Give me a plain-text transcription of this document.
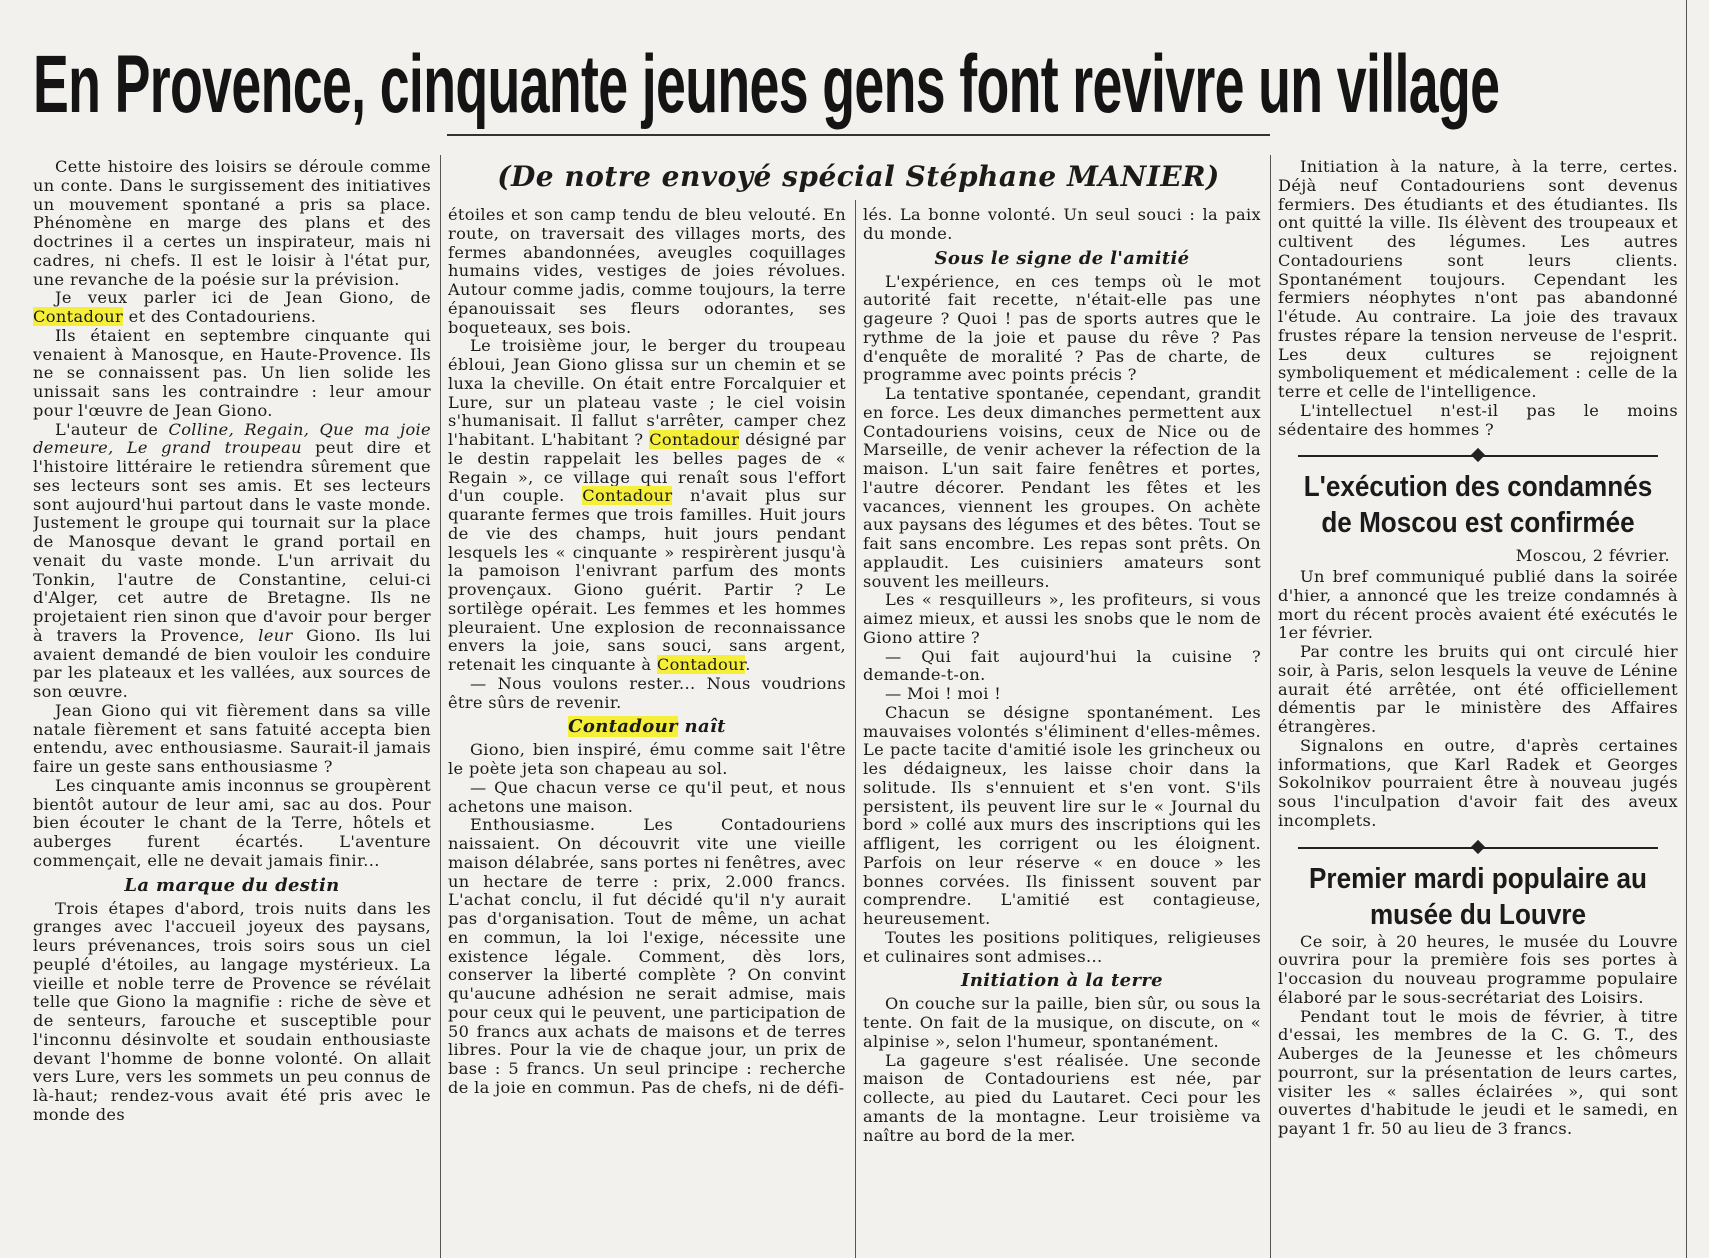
En Provence, cinquante jeunes gens font revivre un village
(De notre envoyé spécial Stéphane MANIER)

Cette histoire des loisirs se déroule comme un conte. Dans le surgissement des initiatives un mouvement spontané a pris sa place. Phénomène en marge des plans et des doctrines il a certes un inspirateur, mais ni cadres, ni chefs. Il est le loisir à l'état pur, une revanche de la poésie sur la prévision.

Je veux parler ici de Jean Giono, de Contadour et des Contadouriens.

Ils étaient en septembre cinquante qui venaient à Manosque, en Haute-Provence. Ils ne se connaissent pas. Un lien solide les unissait sans les contraindre : leur amour pour l'œuvre de Jean Giono.

L'auteur de Colline, Regain, Que ma joie demeure, Le grand troupeau peut dire et l'histoire littéraire le retiendra sûrement que ses lecteurs sont ses amis. Et ses lecteurs sont aujourd'hui partout dans le vaste monde. Justement le groupe qui tournait sur la place de Manosque devant le grand portail en venait du vaste monde. L'un arrivait du Tonkin, l'autre de Constantine, celui-ci d'Alger, cet autre de Bretagne. Ils ne projetaient rien sinon que d'avoir pour berger à travers la Provence, leur Giono. Ils lui avaient demandé de bien vouloir les conduire par les plateaux et les vallées, aux sources de son œuvre.

Jean Giono qui vit fièrement dans sa ville natale fièrement et sans fatuité accepta bien entendu, avec enthousiasme. Saurait-il jamais faire un geste sans enthousiasme ?

Les cinquante amis inconnus se groupèrent bientôt autour de leur ami, sac au dos. Pour bien écouter le chant de la Terre, hôtels et auberges furent écartés. L'aventure commençait, elle ne devait jamais finir...

La marque du destin

Trois étapes d'abord, trois nuits dans les granges avec l'accueil joyeux des paysans, leurs prévenances, trois soirs sous un ciel peuplé d'étoiles, au langage mystérieux. La vieille et noble terre de Provence se révélait telle que Giono la magnifie : riche de sève et de senteurs, farouche et susceptible pour l'inconnu désinvolte et soudain enthousiaste devant l'homme de bonne volonté. On allait vers Lure, vers les sommets un peu connus de là-haut; rendez-vous avait été pris avec le monde des

étoiles et son camp tendu de bleu velouté. En route, on traversait des villages morts, des fermes abandonnées, aveugles coquillages humains vides, vestiges de joies révolues. Autour comme jadis, comme toujours, la terre épanouissait ses fleurs odorantes, ses boqueteaux, ses bois.

Le troisième jour, le berger du troupeau ébloui, Jean Giono glissa sur un chemin et se luxa la cheville. On était entre Forcalquier et Lure, sur un plateau vaste ; le ciel voisin s'humanisait. Il fallut s'arrêter, camper chez l'habitant. L'habitant ? Contadour désigné par le destin rappelait les belles pages de « Regain », ce village qui renaît sous l'effort d'un couple. Contadour n'avait plus sur quarante fermes que trois familles. Huit jours de vie des champs, huit jours pendant lesquels les « cinquante » respirèrent jusqu'à la pamoison l'enivrant parfum des monts provençaux. Giono guérit. Partir ? Le sortilège opérait. Les femmes et les hommes pleuraient. Une explosion de reconnaissance envers la joie, sans souci, sans argent, retenait les cinquante à Contadour.

— Nous voulons rester... Nous voudrions être sûrs de revenir.

Contadour naît

Giono, bien inspiré, ému comme sait l'être le poète jeta son chapeau au sol.

— Que chacun verse ce qu'il peut, et nous achetons une maison.

Enthousiasme. Les Contadouriens naissaient. On découvrit vite une vieille maison délabrée, sans portes ni fenêtres, avec un hectare de terre : prix, 2.000 francs. L'achat conclu, il fut décidé qu'il n'y aurait pas d'organisation. Tout de même, un achat en commun, la loi l'exige, nécessite une existence légale. Comment, dès lors, conserver la liberté complète ? On convint qu'aucune adhésion ne serait admise, mais pour ceux qui le peuvent, une participation de 50 francs aux achats de maisons et de terres libres. Pour la vie de chaque jour, un prix de base : 5 francs. Un seul principe : recherche de la joie en commun. Pas de chefs, ni de défi-

lés. La bonne volonté. Un seul souci : la paix du monde.

Sous le signe de l'amitié

L'expérience, en ces temps où le mot autorité fait recette, n'était-elle pas une gageure ? Quoi ! pas de sports autres que le rythme de la joie et pause du rêve ? Pas d'enquête de moralité ? Pas de charte, de programme avec points précis ?

La tentative spontanée, cependant, grandit en force. Les deux dimanches permettent aux Contadouriens voisins, ceux de Nice ou de Marseille, de venir achever la réfection de la maison. L'un sait faire fenêtres et portes, l'autre décorer. Pendant les fêtes et les vacances, viennent les groupes. On achète aux paysans des légumes et des bêtes. Tout se fait sans encombre. Les repas sont prêts. On applaudit. Les cuisiniers amateurs sont souvent les meilleurs.

Les « resquilleurs », les profiteurs, si vous aimez mieux, et aussi les snobs que le nom de Giono attire ?

— Qui fait aujourd'hui la cuisine ? demande-t-on.

— Moi ! moi !

Chacun se désigne spontanément. Les mauvaises volontés s'éliminent d'elles-mêmes. Le pacte tacite d'amitié isole les grincheux ou les dédaigneux, les laisse choir dans la solitude. Ils s'ennuient et s'en vont. S'ils persistent, ils peuvent lire sur le « Journal du bord » collé aux murs des inscriptions qui les affligent, les corrigent ou les éloignent. Parfois on leur réserve « en douce » les bonnes corvées. Ils finissent souvent par comprendre. L'amitié est contagieuse, heureusement.

Toutes les positions politiques, religieuses et culinaires sont admises...

Initiation à la terre

On couche sur la paille, bien sûr, ou sous la tente. On fait de la musique, on discute, on « alpinise », selon l'humeur, spontanément.

La gageure s'est réalisée. Une seconde maison de Contadouriens est née, par collecte, au pied du Lautaret. Ceci pour les amants de la montagne. Leur troisième va naître au bord de la mer.

Initiation à la nature, à la terre, certes. Déjà neuf Contadouriens sont devenus fermiers. Des étudiants et des étudiantes. Ils ont quitté la ville. Ils élèvent des troupeaux et cultivent des légumes. Les autres Contadouriens sont leurs clients. Spontanément toujours. Cependant les fermiers néophytes n'ont pas abandonné l'étude. Au contraire. La joie des travaux frustes répare la tension nerveuse de l'esprit. Les deux cultures se rejoignent symboliquement et médicalement : celle de la terre et celle de l'intelligence.

L'intellectuel n'est-il pas le moins sédentaire des hommes ?

L'exécution des condamnés de Moscou est confirmée

Moscou, 2 février.

Un bref communiqué publié dans la soirée d'hier, a annoncé que les treize condamnés à mort du récent procès avaient été exécutés le 1er février.

Par contre les bruits qui ont circulé hier soir, à Paris, selon lesquels la veuve de Lénine aurait été arrêtée, ont été officiellement démentis par le ministère des Affaires étrangères.

Signalons en outre, d'après certaines informations, que Karl Radek et Georges Sokolnikov pourraient être à nouveau jugés sous l'inculpation d'avoir fait des aveux incomplets.

Premier mardi populaire au musée du Louvre

Ce soir, à 20 heures, le musée du Louvre ouvrira pour la première fois ses portes à l'occasion du nouveau programme populaire élaboré par le sous-secrétariat des Loisirs.

Pendant tout le mois de février, à titre d'essai, les membres de la C. G. T., des Auberges de la Jeunesse et les chômeurs pourront, sur la présentation de leurs cartes, visiter les « salles éclairées », qui sont ouvertes d'habitude le jeudi et le samedi, en payant 1 fr. 50 au lieu de 3 francs.
